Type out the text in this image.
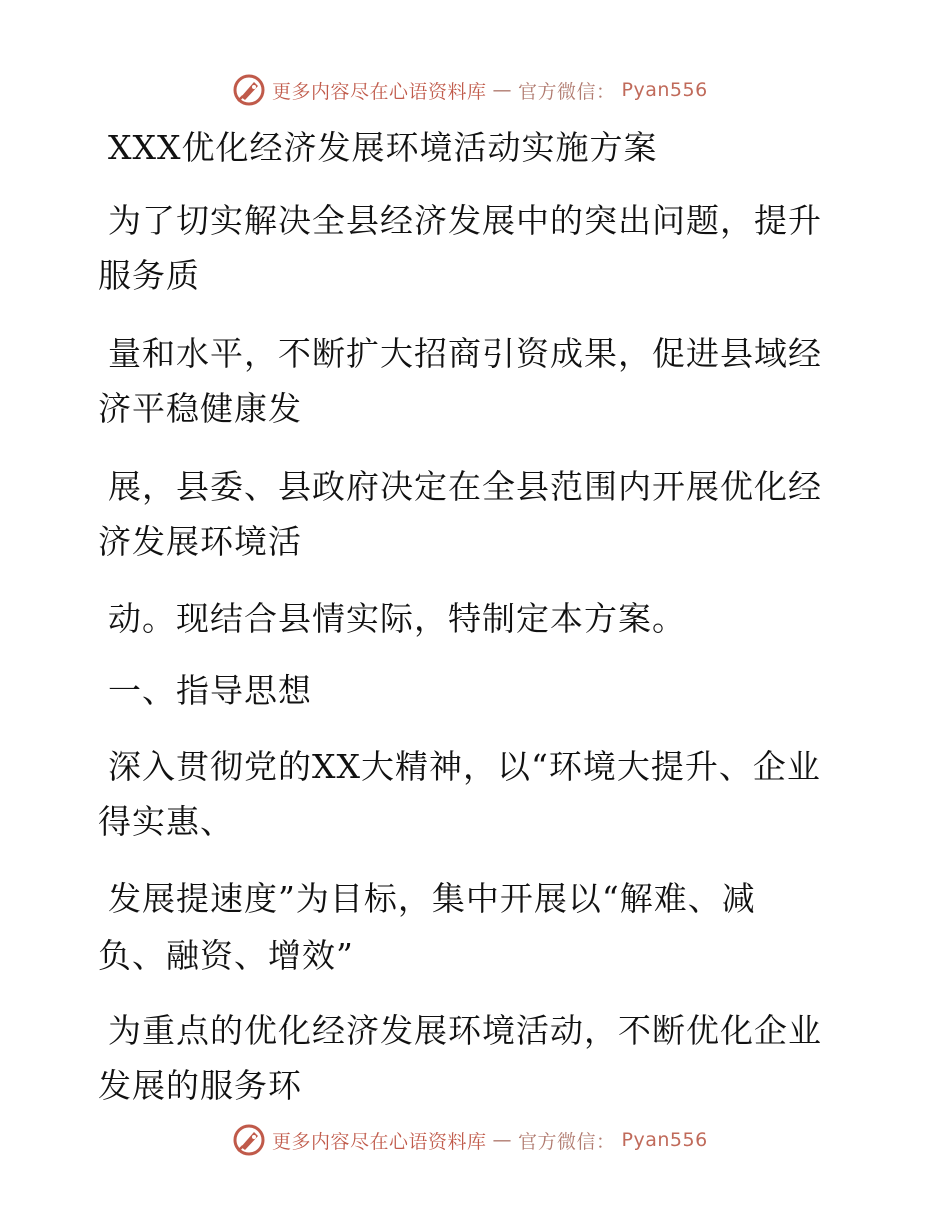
更多内容尽在心语资料库 — 官方微信： Pyan556
XXX优化经济发展环境活动实施方案
为了切实解决全县经济发展中的突出问题，提升
服务质
量和水平，不断扩大招商引资成果，促进县域经
济平稳健康发
展，县委、县政府决定在全县范围内开展优化经
济发展环境活
动。现结合县情实际，特制定本方案。
一、指导思想
深入贯彻党的XX大精神，以“环境大提升、企业
得实惠、
发展提速度”为目标，集中开展以“解难、减
负、融资、增效”
为重点的优化经济发展环境活动，不断优化企业
发展的服务环
更多内容尽在心语资料库 — 官方微信： Pyan556
